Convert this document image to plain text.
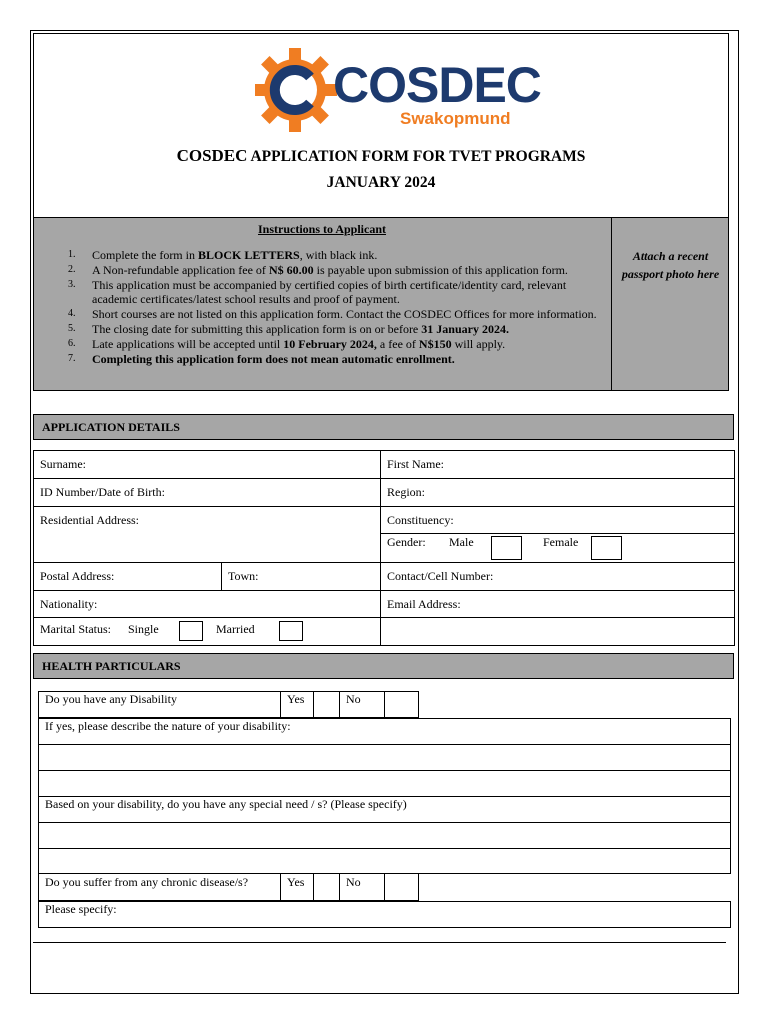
COSDEC
Swakopmund
COSDEC APPLICATION FORM FOR TVET PROGRAMS
JANUARY 2024
Instructions to Applicant
1. Complete the form in BLOCK LETTERS, with black ink.
2. A Non-refundable application fee of N$ 60.00 is payable upon submission of this application form.
3. This application must be accompanied by certified copies of birth certificate/identity card, relevant academic certificates/latest school results and proof of payment.
4. Short courses are not listed on this application form. Contact the COSDEC Offices for more information.
5. The closing date for submitting this application form is on or before 31 January 2024.
6. Late applications will be accepted until 10 February 2024, a fee of N$150 will apply.
7. Completing this application form does not mean automatic enrollment.
Attach a recent passport photo here
APPLICATION DETAILS
Surname:	First Name:
ID Number/Date of Birth:	Region:
Residential Address:	Constituency:
Gender: Male	Female
Postal Address:	Town:	Contact/Cell Number:
Nationality:	Email Address:
Marital Status: Single	Married
HEALTH PARTICULARS
Do you have any Disability	Yes	No
If yes, please describe the nature of your disability:
Based on your disability, do you have any special need / s? (Please specify)
Do you suffer from any chronic disease/s?	Yes	No
Please specify:
